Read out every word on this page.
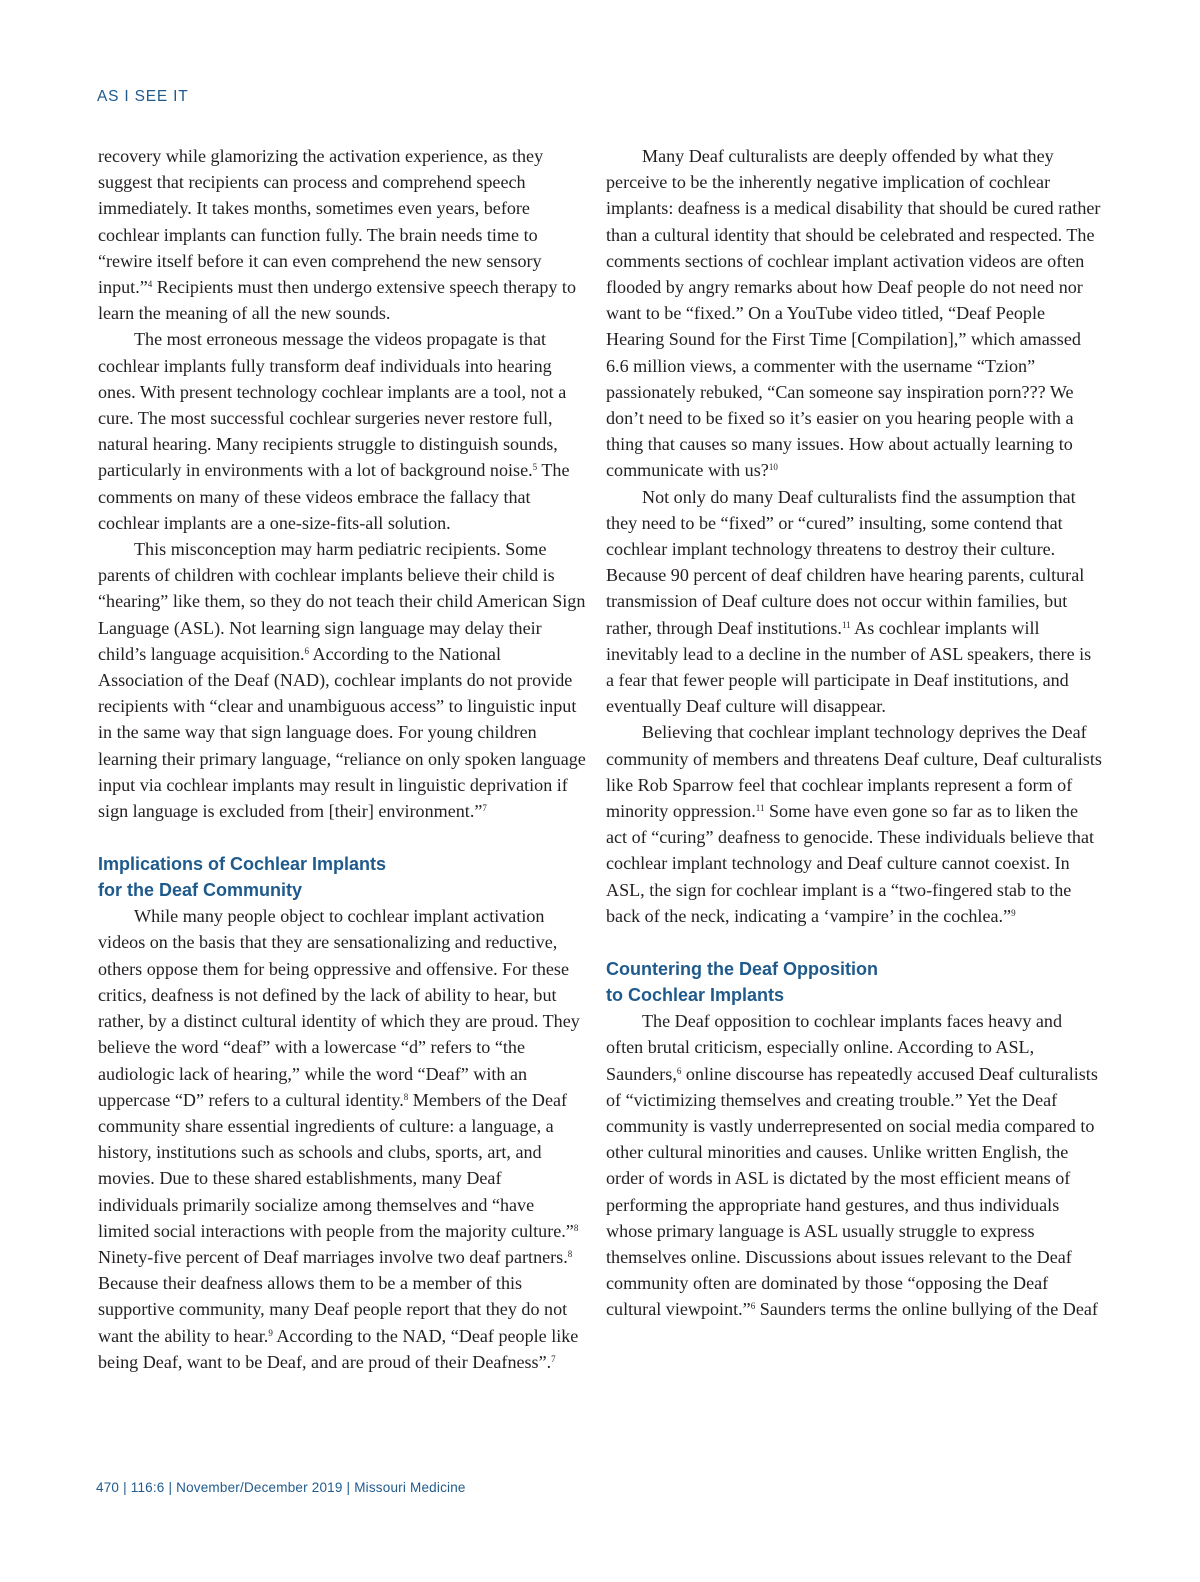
AS I SEE IT

recovery while glamorizing the activation experience, as they suggest that recipients can process and comprehend speech immediately. It takes months, sometimes even years, before cochlear implants can function fully. The brain needs time to “rewire itself before it can even comprehend the new sensory input.”$^4$ Recipients must then undergo extensive speech therapy to learn the meaning of all the new sounds.

The most erroneous message the videos propagate is that cochlear implants fully transform deaf individuals into hearing ones. With present technology cochlear implants are a tool, not a cure. The most successful cochlear surgeries never restore full, natural hearing. Many recipients struggle to distinguish sounds, particularly in environments with a lot of background noise.$^5$ The comments on many of these videos embrace the fallacy that cochlear implants are a one-size-fits-all solution.

This misconception may harm pediatric recipients. Some parents of children with cochlear implants believe their child is “hearing” like them, so they do not teach their child American Sign Language (ASL). Not learning sign language may delay their child’s language acquisition.$^6$ According to the National Association of the Deaf (NAD), cochlear implants do not provide recipients with “clear and unambiguous access” to linguistic input in the same way that sign language does. For young children learning their primary language, “reliance on only spoken language input via cochlear implants may result in linguistic deprivation if sign language is excluded from [their] environment.”$^7$

Implications of Cochlear Implants
for the Deaf Community

While many people object to cochlear implant activation videos on the basis that they are sensationalizing and reductive, others oppose them for being oppressive and offensive. For these critics, deafness is not defined by the lack of ability to hear, but rather, by a distinct cultural identity of which they are proud. They believe the word “deaf” with a lowercase “d” refers to “the audiologic lack of hearing,” while the word “Deaf” with an uppercase “D” refers to a cultural identity.$^8$ Members of the Deaf community share essential ingredients of culture: a language, a history, institutions such as schools and clubs, sports, art, and movies. Due to these shared establishments, many Deaf individuals primarily socialize among themselves and “have limited social interactions with people from the majority culture.”$^8$ Ninety-five percent of Deaf marriages involve two deaf partners.$^8$ Because their deafness allows them to be a member of this supportive community, many Deaf people report that they do not want the ability to hear.$^9$ According to the NAD, “Deaf people like being Deaf, want to be Deaf, and are proud of their Deafness”.$^7$

Many Deaf culturalists are deeply offended by what they perceive to be the inherently negative implication of cochlear implants: deafness is a medical disability that should be cured rather than a cultural identity that should be celebrated and respected. The comments sections of cochlear implant activation videos are often flooded by angry remarks about how Deaf people do not need nor want to be “fixed.” On a YouTube video titled, “Deaf People Hearing Sound for the First Time [Compilation],” which amassed 6.6 million views, a commenter with the username “Tzion” passionately rebuked, “Can someone say inspiration porn??? We don’t need to be fixed so it’s easier on you hearing people with a thing that causes so many issues. How about actually learning to communicate with us?$^{10}$

Not only do many Deaf culturalists find the assumption that they need to be “fixed” or “cured” insulting, some contend that cochlear implant technology threatens to destroy their culture. Because 90 percent of deaf children have hearing parents, cultural transmission of Deaf culture does not occur within families, but rather, through Deaf institutions.$^{11}$ As cochlear implants will inevitably lead to a decline in the number of ASL speakers, there is a fear that fewer people will participate in Deaf institutions, and eventually Deaf culture will disappear.

Believing that cochlear implant technology deprives the Deaf community of members and threatens Deaf culture, Deaf culturalists like Rob Sparrow feel that cochlear implants represent a form of minority oppression.$^{11}$ Some have even gone so far as to liken the act of “curing” deafness to genocide. These individuals believe that cochlear implant technology and Deaf culture cannot coexist. In ASL, the sign for cochlear implant is a “two-fingered stab to the back of the neck, indicating a ‘vampire’ in the cochlea.”$^9$

Countering the Deaf Opposition
to Cochlear Implants

The Deaf opposition to cochlear implants faces heavy and often brutal criticism, especially online. According to ASL, Saunders,$^6$ online discourse has repeatedly accused Deaf culturalists of “victimizing themselves and creating trouble.” Yet the Deaf community is vastly underrepresented on social media compared to other cultural minorities and causes. Unlike written English, the order of words in ASL is dictated by the most efficient means of performing the appropriate hand gestures, and thus individuals whose primary language is ASL usually struggle to express themselves online. Discussions about issues relevant to the Deaf community often are dominated by those “opposing the Deaf cultural viewpoint.”$^6$ Saunders terms the online bullying of the Deaf

470 | 116:6 | November/December 2019 | Missouri Medicine
